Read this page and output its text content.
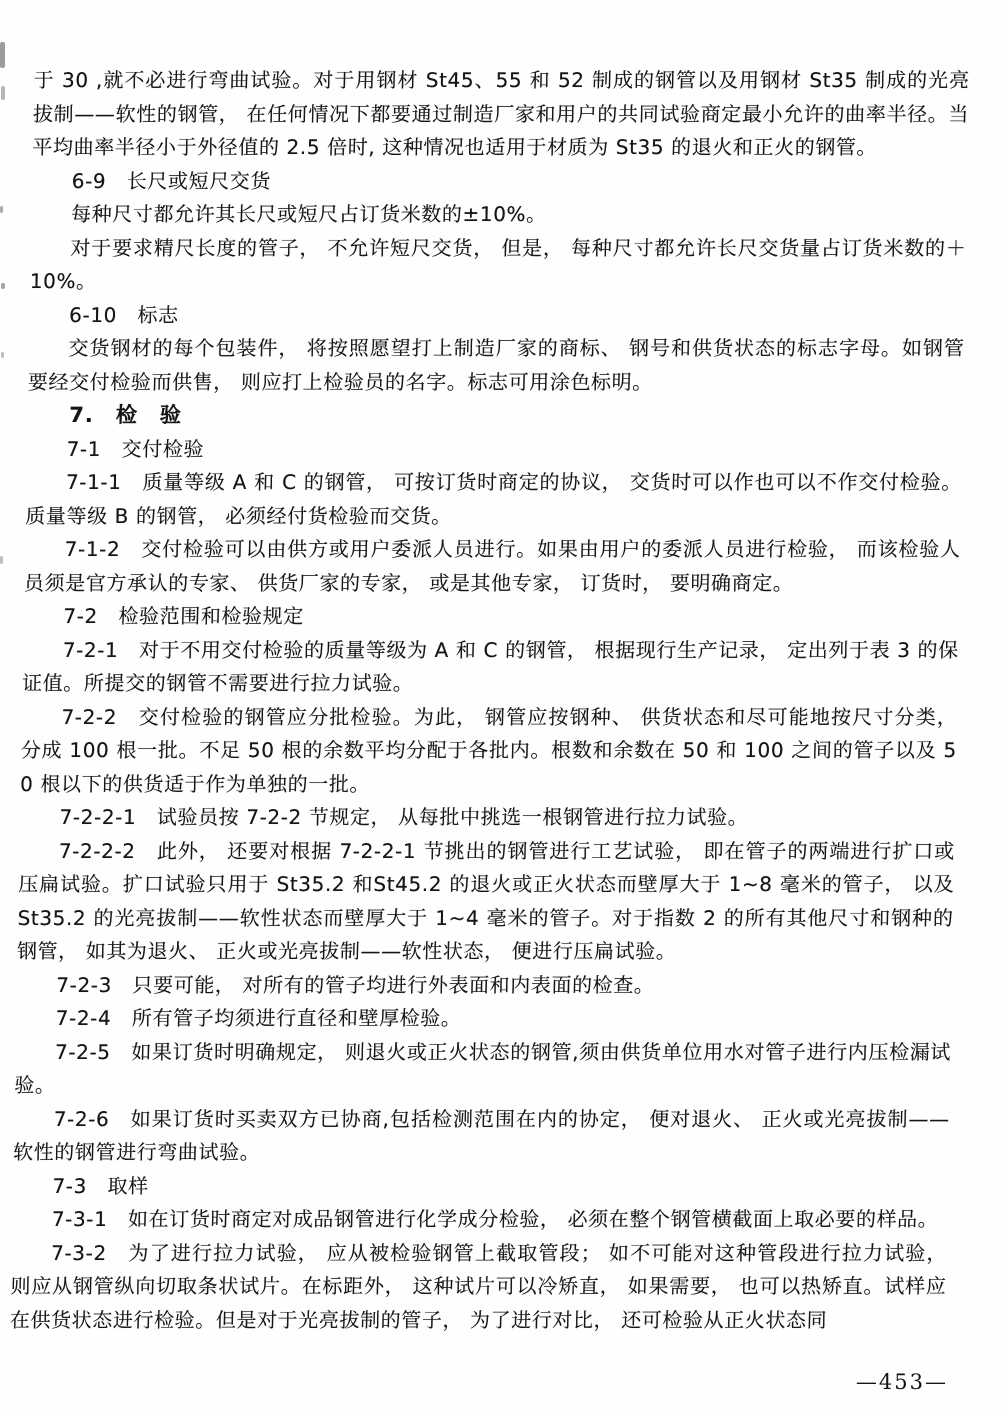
于 30 ,就不必进行弯曲试验。对于用钢材 St45、55 和 52 制成的钢管以及用钢材 St35 制成的光亮拔制——软性的钢管， 在任何情况下都要通过制造厂家和用户的共同试验商定最小允许的曲率半径。当平均曲率半径小于外径值的 2.5 倍时, 这种情况也适用于材质为 St35 的退火和正火的钢管。

6-9　长尺或短尺交货

每种尺寸都允许其长尺或短尺占订货米数的±10%。

对于要求精尺长度的管子， 不允许短尺交货， 但是， 每种尺寸都允许长尺交货量占订货米数的＋10%。

6-10　标志

交货钢材的每个包装件， 将按照愿望打上制造厂家的商标、 钢号和供货状态的标志字母。如钢管要经交付检验而供售， 则应打上检验员的名字。标志可用涂色标明。

7.　检　验

7-1　交付检验

7-1-1　质量等级 A 和 C 的钢管， 可按订货时商定的协议， 交货时可以作也可以不作交付检验。质量等级 B 的钢管， 必须经付货检验而交货。

7-1-2　交付检验可以由供方或用户委派人员进行。如果由用户的委派人员进行检验， 而该检验人员须是官方承认的专家、 供货厂家的专家， 或是其他专家， 订货时， 要明确商定。

7-2　检验范围和检验规定

7-2-1　对于不用交付检验的质量等级为 A 和 C 的钢管， 根据现行生产记录， 定出列于表 3 的保证值。所提交的钢管不需要进行拉力试验。

7-2-2　交付检验的钢管应分批检验。为此， 钢管应按钢种、 供货状态和尽可能地按尺寸分类， 分成 100 根一批。不足 50 根的余数平均分配于各批内。根数和余数在 50 和 100 之间的管子以及 50 根以下的供货适于作为单独的一批。

7-2-2-1　试验员按 7-2-2 节规定， 从每批中挑选一根钢管进行拉力试验。

7-2-2-2　此外， 还要对根据 7-2-2-1 节挑出的钢管进行工艺试验， 即在管子的两端进行扩口或压扁试验。扩口试验只用于 St35.2 和St45.2 的退火或正火状态而壁厚大于 1~8 毫米的管子， 以及 St35.2 的光亮拔制——软性状态而壁厚大于 1~4 毫米的管子。对于指数 2 的所有其他尺寸和钢种的钢管， 如其为退火、 正火或光亮拔制——软性状态， 便进行压扁试验。

7-2-3　只要可能， 对所有的管子均进行外表面和内表面的检查。

7-2-4　所有管子均须进行直径和壁厚检验。

7-2-5　如果订货时明确规定， 则退火或正火状态的钢管,须由供货单位用水对管子进行内压检漏试验。

7-2-6　如果订货时买卖双方已协商,包括检测范围在内的协定， 便对退火、 正火或光亮拔制——软性的钢管进行弯曲试验。

7-3　取样

7-3-1　如在订货时商定对成品钢管进行化学成分检验， 必须在整个钢管横截面上取必要的样品。

7-3-2　为了进行拉力试验， 应从被检验钢管上截取管段； 如不可能对这种管段进行拉力试验， 则应从钢管纵向切取条状试片。在标距外， 这种试片可以冷矫直， 如果需要， 也可以热矫直。试样应在供货状态进行检验。但是对于光亮拔制的管子， 为了进行对比， 还可检验从正火状态同

—453—
